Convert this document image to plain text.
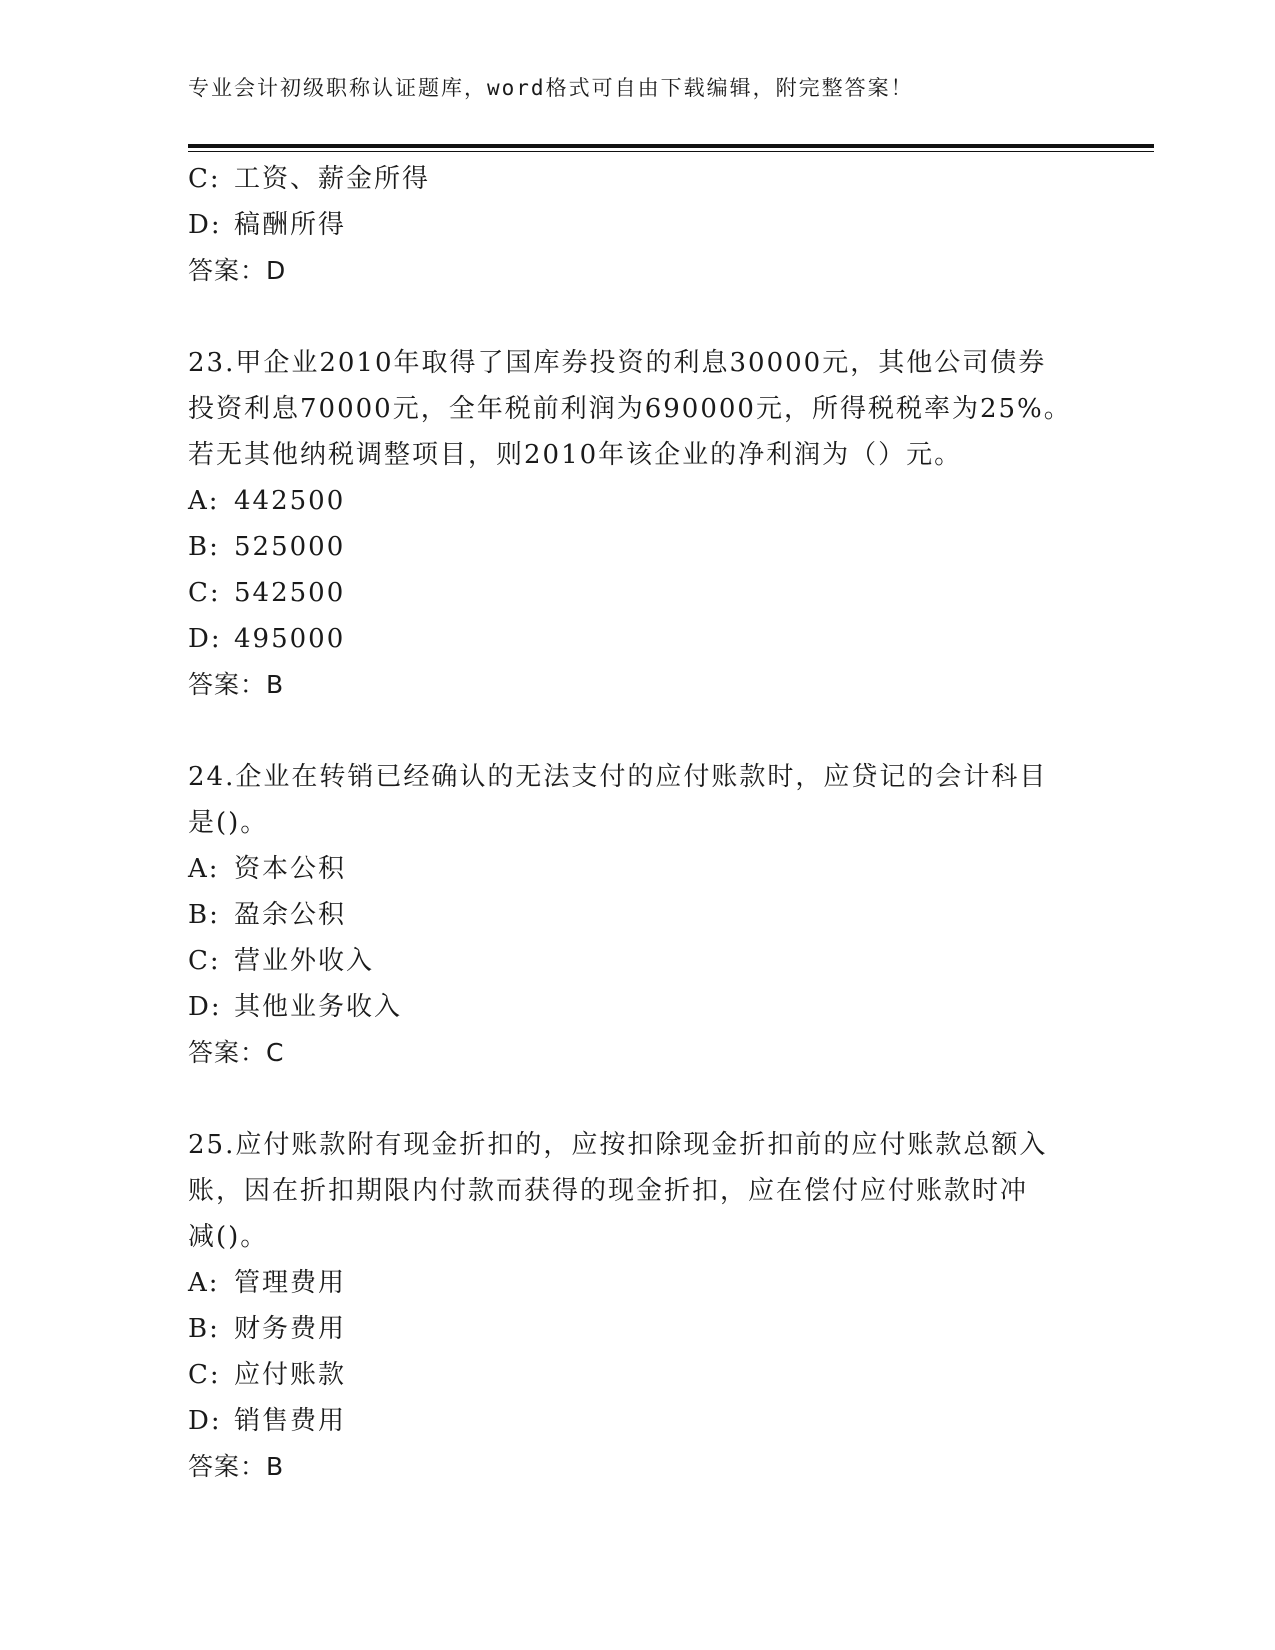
专业会计初级职称认证题库，word格式可自由下载编辑，附完整答案！
C: 工资、薪金所得
D: 稿酬所得
答案：D
23.甲企业2010年取得了国库券投资的利息30000元，其他公司债券
投资利息70000元，全年税前利润为690000元，所得税税率为25%。
若无其他纳税调整项目，则2010年该企业的净利润为（）元。
A: 442500
B: 525000
C: 542500
D: 495000
答案：B
24.企业在转销已经确认的无法支付的应付账款时，应贷记的会计科目
是()。
A: 资本公积
B: 盈余公积
C: 营业外收入
D: 其他业务收入
答案：C
25.应付账款附有现金折扣的，应按扣除现金折扣前的应付账款总额入
账，因在折扣期限内付款而获得的现金折扣，应在偿付应付账款时冲
减()。
A: 管理费用
B: 财务费用
C: 应付账款
D: 销售费用
答案：B
